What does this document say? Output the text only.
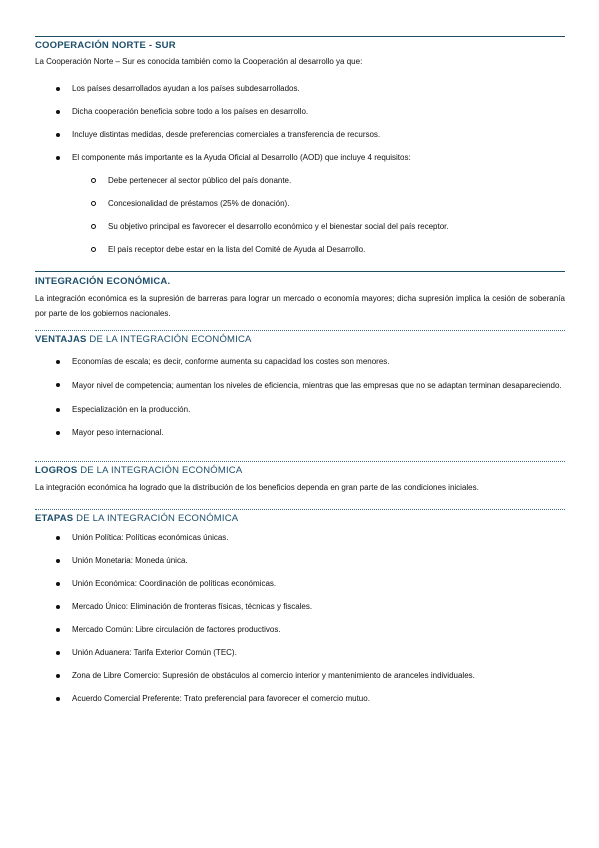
COOPERACIÓN NORTE - SUR
La Cooperación Norte – Sur es conocida también como la Cooperación al desarrollo ya que:
Los países desarrollados ayudan a los países subdesarrollados.
Dicha cooperación beneficia sobre todo a los países en desarrollo.
Incluye distintas medidas, desde preferencias comerciales a transferencia de recursos.
El componente más importante es la Ayuda Oficial al Desarrollo (AOD) que incluye 4 requisitos:
Debe pertenecer al sector público del país donante.
Concesionalidad de préstamos (25% de donación).
Su objetivo principal es favorecer el desarrollo económico y el bienestar social del país receptor.
El país receptor debe estar en la lista del Comité de Ayuda al Desarrollo.
INTEGRACIÓN ECONÓMICA.
La integración económica es la supresión de barreras para lograr un mercado o economía mayores; dicha supresión implica la cesión de soberanía por parte de los gobiernos nacionales.
VENTAJAS DE LA INTEGRACIÓN ECONÓMICA
Economías de escala; es decir, conforme aumenta su capacidad los costes son menores.
Mayor nivel de competencia; aumentan los niveles de eficiencia, mientras que las empresas que no se adaptan terminan desapareciendo.
Especialización en la producción.
Mayor peso internacional.
LOGROS DE LA INTEGRACIÓN ECONÓMICA
La integración económica ha logrado que la distribución de los beneficios dependa en gran parte de las condiciones iniciales.
ETAPAS DE LA INTEGRACIÓN ECONÓMICA
Unión Política: Políticas económicas únicas.
Unión Monetaria: Moneda única.
Unión Económica: Coordinación de políticas económicas.
Mercado Único: Eliminación de fronteras físicas, técnicas y fiscales.
Mercado Común: Libre circulación de factores productivos.
Unión Aduanera: Tarifa Exterior Común (TEC).
Zona de Libre Comercio: Supresión de obstáculos al comercio interior y mantenimiento de aranceles individuales.
Acuerdo Comercial Preferente: Trato preferencial para favorecer el comercio mutuo.
